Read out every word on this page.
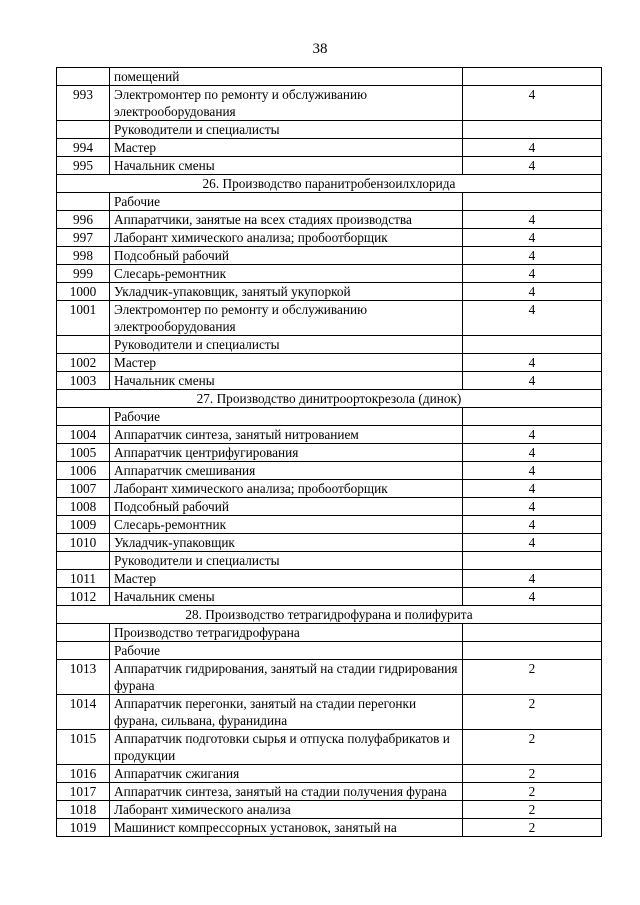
38
	помещений	
993	Электромонтер по ремонту и обслуживанию электрооборудования	4
	Руководители и специалисты	
994	Мастер	4
995	Начальник смены	4
26. Производство паранитробензоилхлорида		
	Рабочие	
996	Аппаратчики, занятые на всех стадиях производства	4
997	Лаборант химического анализа; пробоотборщик	4
998	Подсобный рабочий	4
999	Слесарь-ремонтник	4
1000	Укладчик-упаковщик, занятый укупоркой	4
1001	Электромонтер по ремонту и обслуживанию электрооборудования	4
	Руководители и специалисты	
1002	Мастер	4
1003	Начальник смены	4
27. Производство динитроортокрезола (динок)		
	Рабочие	
1004	Аппаратчик синтеза, занятый нитрованием	4
1005	Аппаратчик центрифугирования	4
1006	Аппаратчик смешивания	4
1007	Лаборант химического анализа; пробоотборщик	4
1008	Подсобный рабочий	4
1009	Слесарь-ремонтник	4
1010	Укладчик-упаковщик	4
	Руководители и специалисты	
1011	Мастер	4
1012	Начальник смены	4
28. Производство тетрагидрофурана и полифурита		
	Производство тетрагидрофурана	
	Рабочие	
1013	Аппаратчик гидрирования, занятый на стадии гидрирования фурана	2
1014	Аппаратчик перегонки, занятый на стадии перегонки фурана, сильвана, фуранидина	2
1015	Аппаратчик подготовки сырья и отпуска полуфабрикатов и продукции	2
1016	Аппаратчик сжигания	2
1017	Аппаратчик синтеза, занятый на стадии получения фурана	2
1018	Лаборант химического анализа	2
1019	Машинист компрессорных установок, занятый на	2
